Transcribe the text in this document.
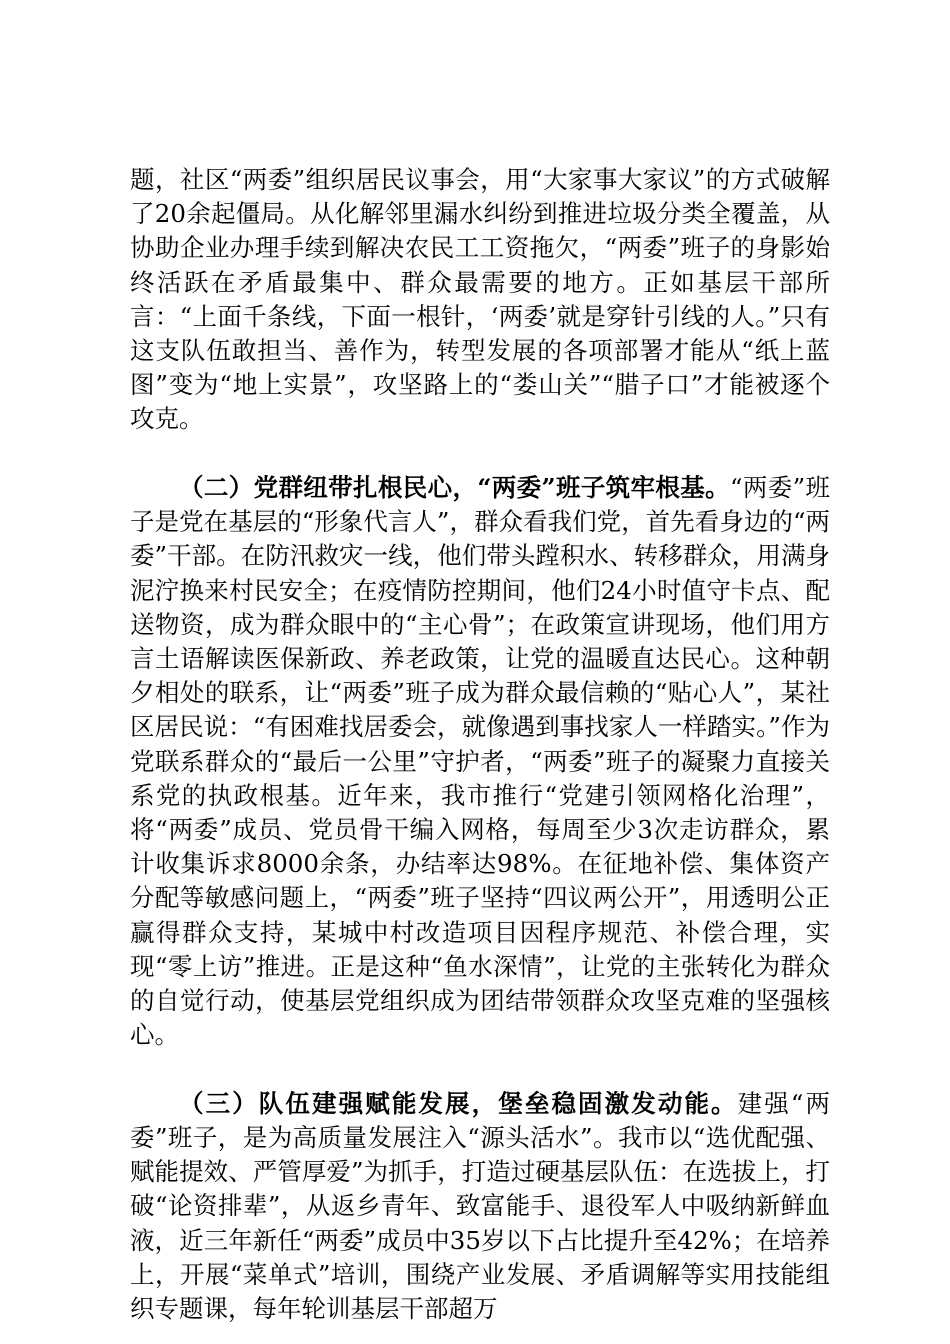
题，社区“两委”组织居民议事会，用“大家事大家议”的方式破解了20余起僵局。从化解邻里漏水纠纷到推进垃圾分类全覆盖，从协助企业办理手续到解决农民工工资拖欠，“两委”班子的身影始终活跃在矛盾最集中、群众最需要的地方。正如基层干部所言：“上面千条线，下面一根针，‘两委’就是穿针引线的人。”只有这支队伍敢担当、善作为，转型发展的各项部署才能从“纸上蓝图”变为“地上实景”，攻坚路上的“娄山关”“腊子口”才能被逐个攻克。

（二）党群纽带扎根民心，“两委”班子筑牢根基。“两委”班子是党在基层的“形象代言人”，群众看我们党，首先看身边的“两委”干部。在防汛救灾一线，他们带头蹚积水、转移群众，用满身泥泞换来村民安全；在疫情防控期间，他们24小时值守卡点、配送物资，成为群众眼中的“主心骨”；在政策宣讲现场，他们用方言土语解读医保新政、养老政策，让党的温暖直达民心。这种朝夕相处的联系，让“两委”班子成为群众最信赖的“贴心人”，某社区居民说：“有困难找居委会，就像遇到事找家人一样踏实。”作为党联系群众的“最后一公里”守护者，“两委”班子的凝聚力直接关系党的执政根基。近年来，我市推行“党建引领网格化治理”，将“两委”成员、党员骨干编入网格，每周至少3次走访群众，累计收集诉求8000余条，办结率达98%。在征地补偿、集体资产分配等敏感问题上，“两委”班子坚持“四议两公开”，用透明公正赢得群众支持，某城中村改造项目因程序规范、补偿合理，实现“零上访”推进。正是这种“鱼水深情”，让党的主张转化为群众的自觉行动，使基层党组织成为团结带领群众攻坚克难的坚强核心。

（三）队伍建强赋能发展，堡垒稳固激发动能。建强“两委”班子，是为高质量发展注入“源头活水”。我市以“选优配强、赋能提效、严管厚爱”为抓手，打造过硬基层队伍：在选拔上，打破“论资排辈”，从返乡青年、致富能手、退役军人中吸纳新鲜血液，近三年新任“两委”成员中35岁以下占比提升至42%；在培养上，开展“菜单式”培训，围绕产业发展、矛盾调解等实用技能组织专题课，每年轮训基层干部超万
